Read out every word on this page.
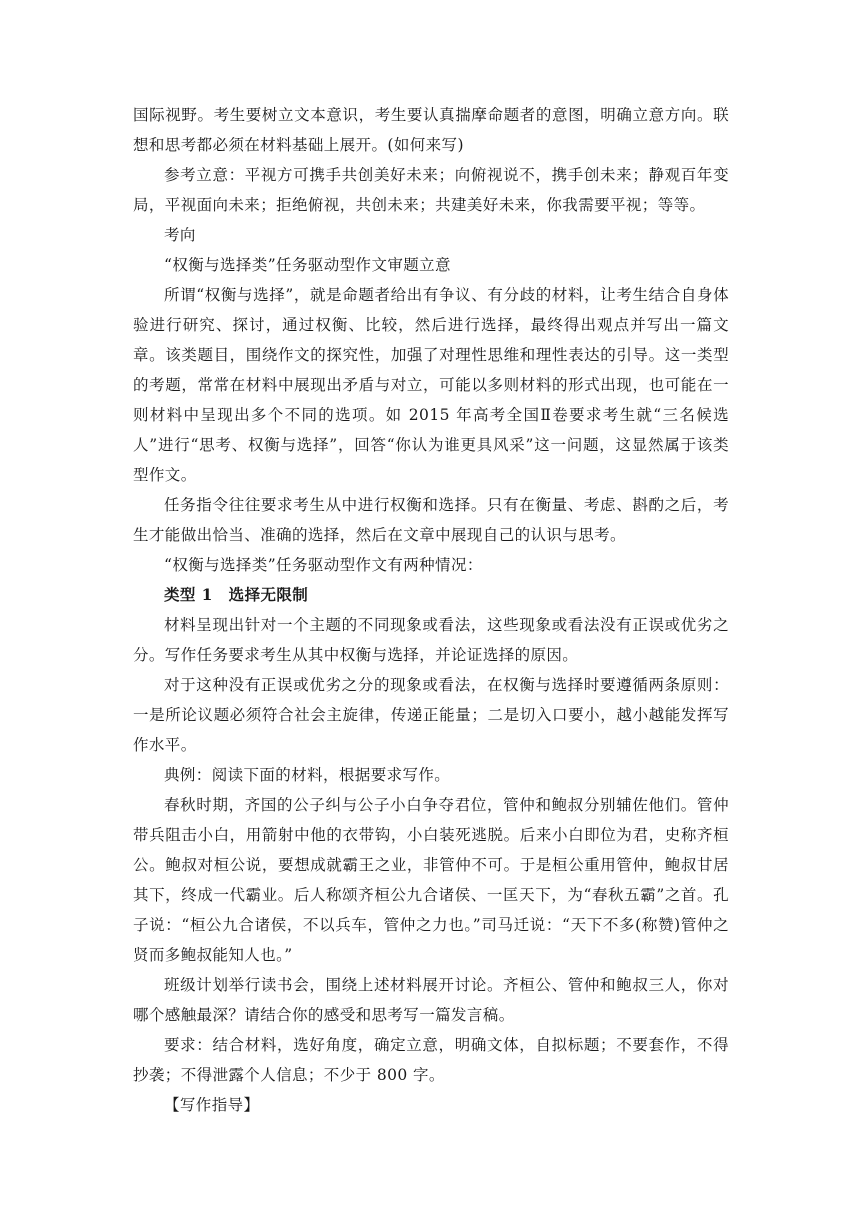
国际视野。考生要树立文本意识，考生要认真揣摩命题者的意图，明确立意方向。联想和思考都必须在材料基础上展开。(如何来写)

参考立意：平视方可携手共创美好未来；向俯视说不，携手创未来；静观百年变局，平视面向未来；拒绝俯视，共创未来；共建美好未来，你我需要平视；等等。

考向

“权衡与选择类”任务驱动型作文审题立意

所谓“权衡与选择”，就是命题者给出有争议、有分歧的材料，让考生结合自身体验进行研究、探讨，通过权衡、比较，然后进行选择，最终得出观点并写出一篇文章。该类题目，围绕作文的探究性，加强了对理性思维和理性表达的引导。这一类型的考题，常常在材料中展现出矛盾与对立，可能以多则材料的形式出现，也可能在一则材料中呈现出多个不同的选项。如 2015 年高考全国Ⅱ卷要求考生就“三名候选人”进行“思考、权衡与选择”，回答“你认为谁更具风采”这一问题，这显然属于该类型作文。

任务指令往往要求考生从中进行权衡和选择。只有在衡量、考虑、斟酌之后，考生才能做出恰当、准确的选择，然后在文章中展现自己的认识与思考。

“权衡与选择类”任务驱动型作文有两种情况：

类型 1　选择无限制

材料呈现出针对一个主题的不同现象或看法，这些现象或看法没有正误或优劣之分。写作任务要求考生从其中权衡与选择，并论证选择的原因。

对于这种没有正误或优劣之分的现象或看法，在权衡与选择时要遵循两条原则：一是所论议题必须符合社会主旋律，传递正能量；二是切入口要小，越小越能发挥写作水平。

典例：阅读下面的材料，根据要求写作。

春秋时期，齐国的公子纠与公子小白争夺君位，管仲和鲍叔分别辅佐他们。管仲带兵阻击小白，用箭射中他的衣带钩，小白装死逃脱。后来小白即位为君，史称齐桓公。鲍叔对桓公说，要想成就霸王之业，非管仲不可。于是桓公重用管仲，鲍叔甘居其下，终成一代霸业。后人称颂齐桓公九合诸侯、一匡天下，为“春秋五霸”之首。孔子说：“桓公九合诸侯，不以兵车，管仲之力也。”司马迁说：“天下不多(称赞)管仲之贤而多鲍叔能知人也。”

班级计划举行读书会，围绕上述材料展开讨论。齐桓公、管仲和鲍叔三人，你对哪个感触最深？请结合你的感受和思考写一篇发言稿。

要求：结合材料，选好角度，确定立意，明确文体，自拟标题；不要套作，不得抄袭；不得泄露个人信息；不少于 800 字。

【写作指导】
